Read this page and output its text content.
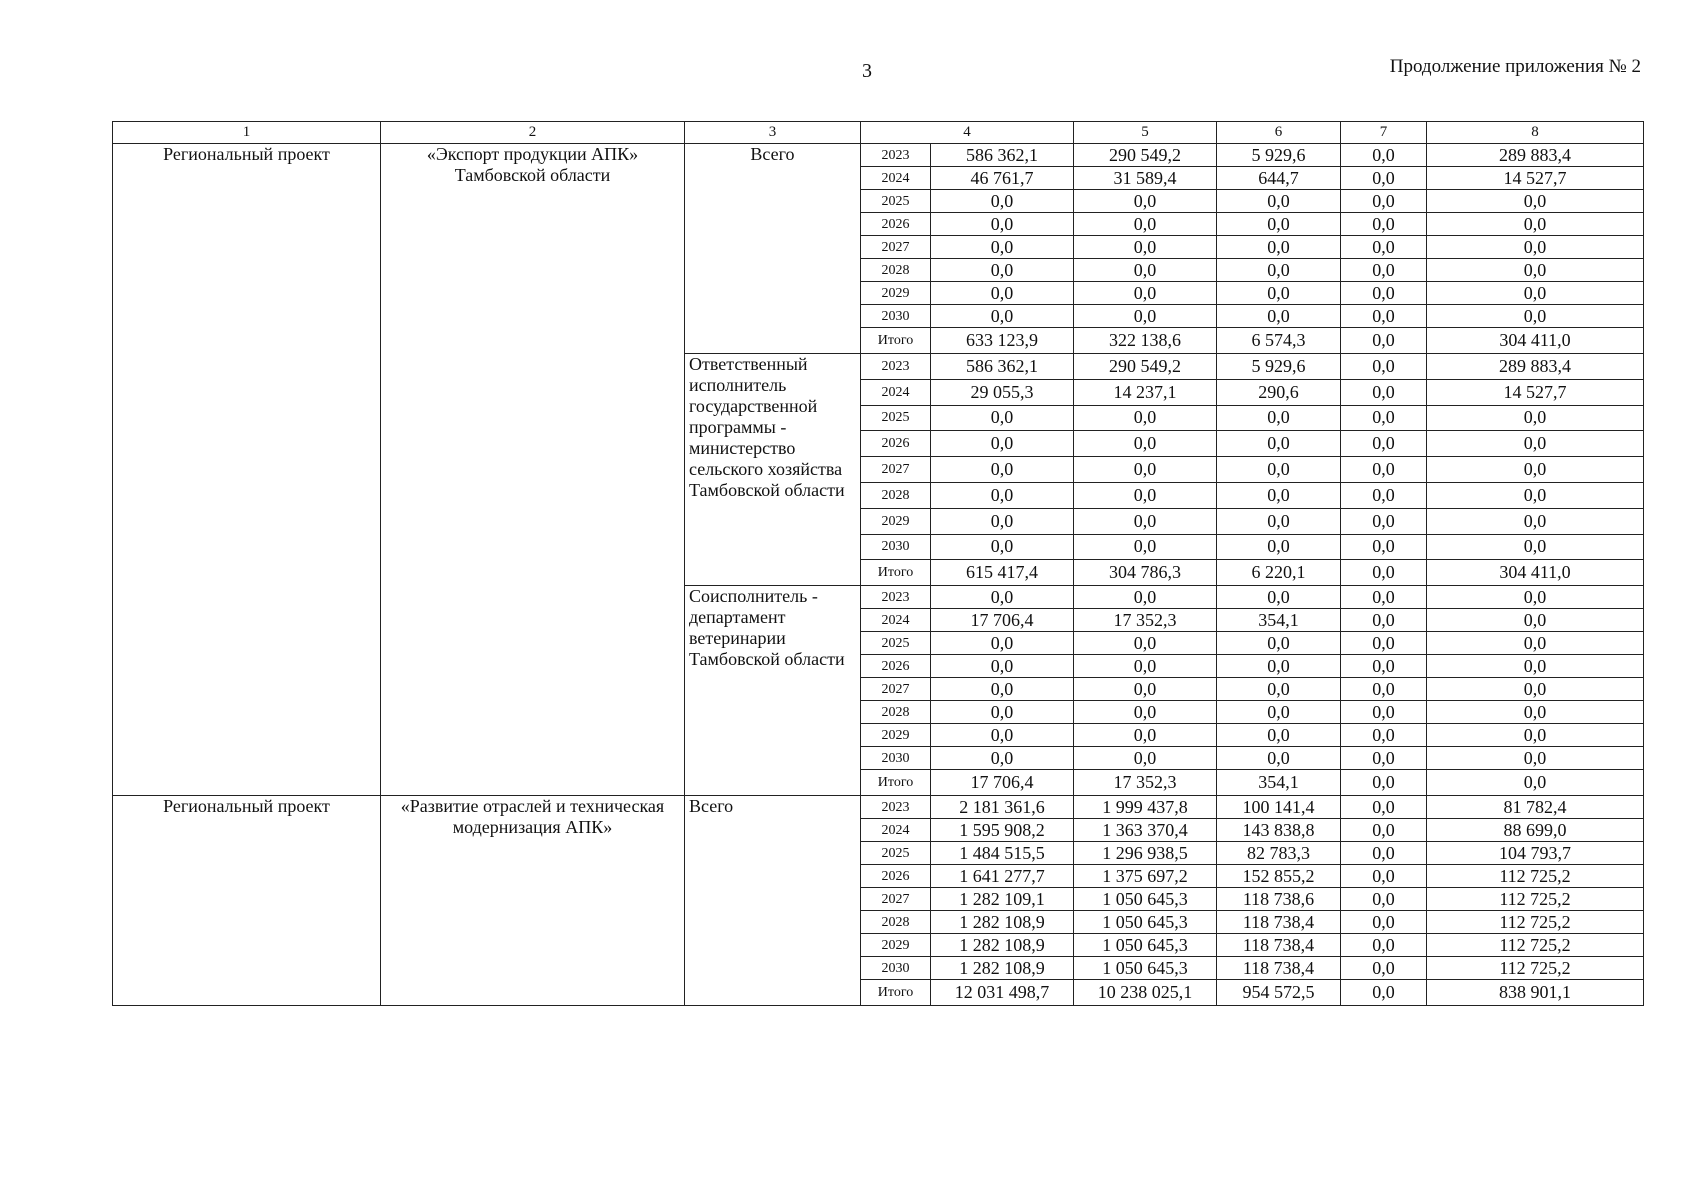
3	Продолжение приложения № 2
1	2	3	4		5	6	7	8
Региональный проект	«Экспорт продукции АПК» Тамбовской области	Всего	2023	586 362,1	290 549,2	5 929,6	0,0	289 883,4
			2024	46 761,7	31 589,4	644,7	0,0	14 527,7
			2025	0,0	0,0	0,0	0,0	0,0
			2026	0,0	0,0	0,0	0,0	0,0
			2027	0,0	0,0	0,0	0,0	0,0
			2028	0,0	0,0	0,0	0,0	0,0
			2029	0,0	0,0	0,0	0,0	0,0
			2030	0,0	0,0	0,0	0,0	0,0
			Итого	633 123,9	322 138,6	6 574,3	0,0	304 411,0
		Ответственный исполнитель государственной программы - министерство сельского хозяйства Тамбовской области	2023	586 362,1	290 549,2	5 929,6	0,0	289 883,4
			2024	29 055,3	14 237,1	290,6	0,0	14 527,7
			2025	0,0	0,0	0,0	0,0	0,0
			2026	0,0	0,0	0,0	0,0	0,0
			2027	0,0	0,0	0,0	0,0	0,0
			2028	0,0	0,0	0,0	0,0	0,0
			2029	0,0	0,0	0,0	0,0	0,0
			2030	0,0	0,0	0,0	0,0	0,0
			Итого	615 417,4	304 786,3	6 220,1	0,0	304 411,0
		Соисполнитель - департамент ветеринарии Тамбовской области	2023	0,0	0,0	0,0	0,0	0,0
			2024	17 706,4	17 352,3	354,1	0,0	0,0
			2025	0,0	0,0	0,0	0,0	0,0
			2026	0,0	0,0	0,0	0,0	0,0
			2027	0,0	0,0	0,0	0,0	0,0
			2028	0,0	0,0	0,0	0,0	0,0
			2029	0,0	0,0	0,0	0,0	0,0
			2030	0,0	0,0	0,0	0,0	0,0
			Итого	17 706,4	17 352,3	354,1	0,0	0,0
Региональный проект	«Развитие отраслей и техническая модернизация АПК»	Всего	2023	2 181 361,6	1 999 437,8	100 141,4	0,0	81 782,4
			2024	1 595 908,2	1 363 370,4	143 838,8	0,0	88 699,0
			2025	1 484 515,5	1 296 938,5	82 783,3	0,0	104 793,7
			2026	1 641 277,7	1 375 697,2	152 855,2	0,0	112 725,2
			2027	1 282 109,1	1 050 645,3	118 738,6	0,0	112 725,2
			2028	1 282 108,9	1 050 645,3	118 738,4	0,0	112 725,2
			2029	1 282 108,9	1 050 645,3	118 738,4	0,0	112 725,2
			2030	1 282 108,9	1 050 645,3	118 738,4	0,0	112 725,2
			Итого	12 031 498,7	10 238 025,1	954 572,5	0,0	838 901,1
